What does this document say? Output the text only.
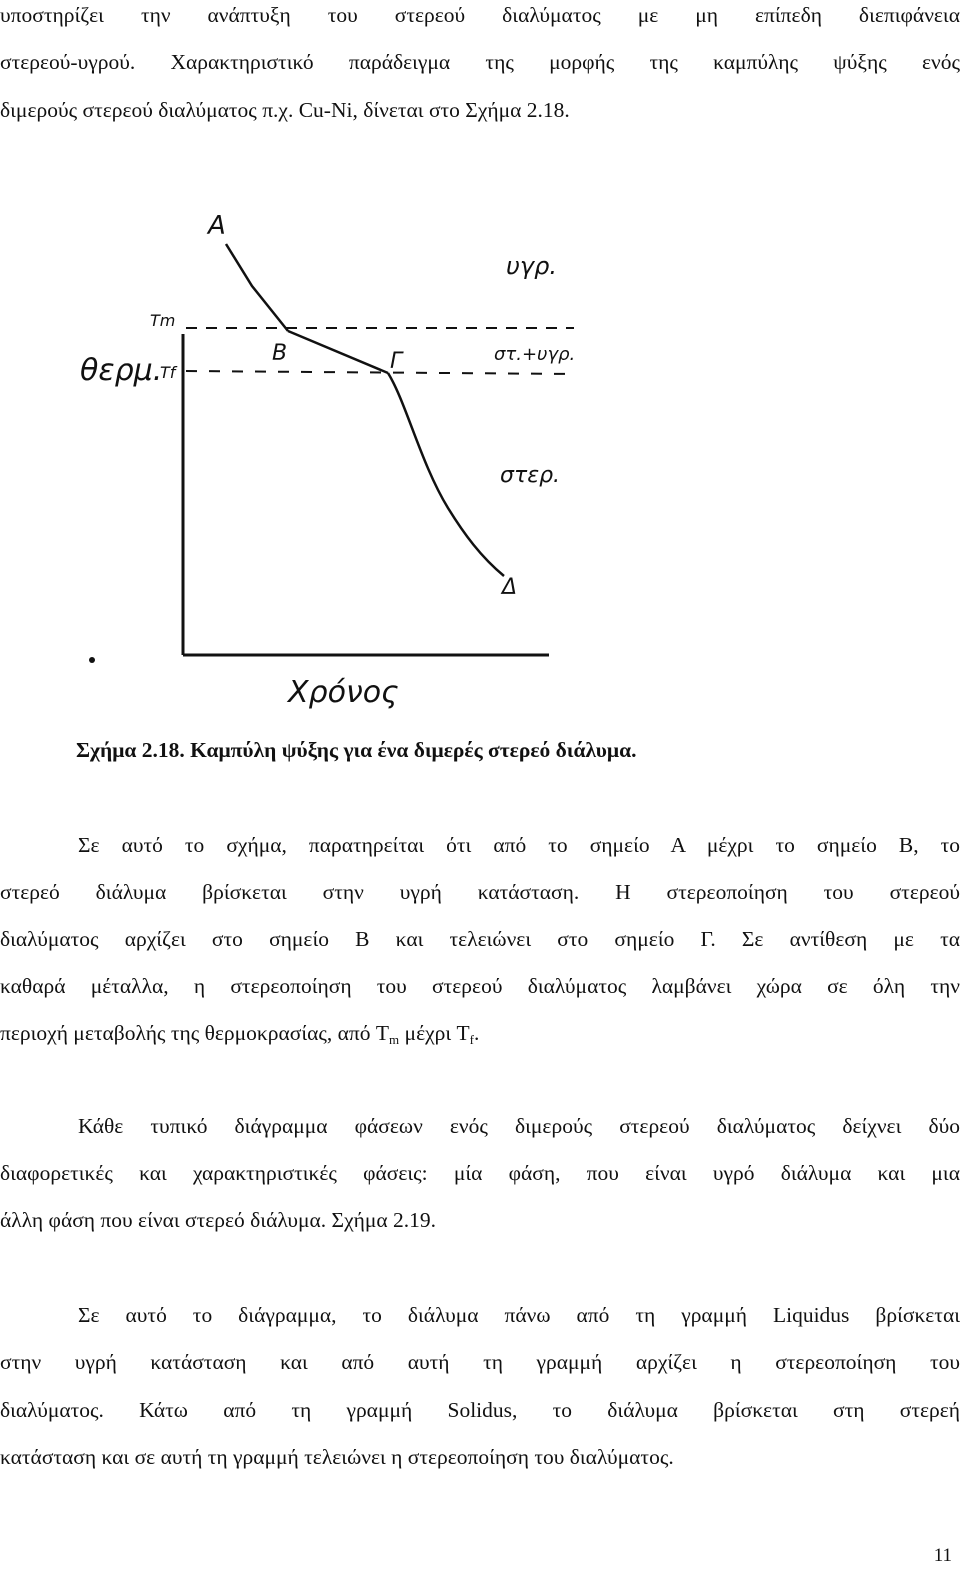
υποστηρίζει την ανάπτυξη του στερεού διαλύματος με μη επίπεδη διεπιφάνεια
στερεού-υγρού. Χαρακτηριστικό παράδειγμα της μορφής της καμπύλης ψύξης ενός
διμερούς στερεού διαλύματος π.χ. Cu-Ni, δίνεται στο Σχήμα 2.18.
Α
Tm
Tf
θερμ.	Β	Γ
Δ
υγρ.
στ.+υγρ.
στερ.
Χρόνος
Σχήμα 2.18. Καμπύλη ψύξης για ένα διμερές στερεό διάλυμα.
Σε αυτό το σχήμα, παρατηρείται ότι από το σημείο Α μέχρι το σημείο Β, το
στερεό διάλυμα βρίσκεται στην υγρή κατάσταση. Η στερεοποίηση του στερεού
διαλύματος αρχίζει στο σημείο Β και τελειώνει στο σημείο Γ. Σε αντίθεση με τα
καθαρά μέταλλα, η στερεοποίηση του στερεού διαλύματος λαμβάνει χώρα σε όλη την
περιοχή μεταβολής της θερμοκρασίας, από $T_m$ μέχρι $T_f$.
Κάθε τυπικό διάγραμμα φάσεων ενός διμερούς στερεού διαλύματος δείχνει δύο
διαφορετικές και χαρακτηριστικές φάσεις: μία φάση, που είναι υγρό διάλυμα και μια
άλλη φάση που είναι στερεό διάλυμα. Σχήμα 2.19.
Σε αυτό το διάγραμμα, το διάλυμα πάνω από τη γραμμή Liquidus βρίσκεται
στην υγρή κατάσταση και από αυτή τη γραμμή αρχίζει η στερεοποίηση του
διαλύματος. Κάτω από τη γραμμή Solidus, το διάλυμα βρίσκεται στη στερεή
κατάσταση και σε αυτή τη γραμμή τελειώνει η στερεοποίηση του διαλύματος.
11
